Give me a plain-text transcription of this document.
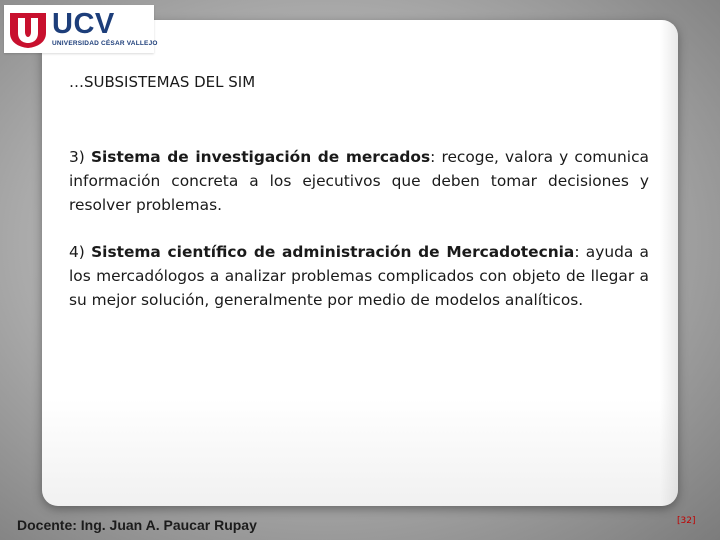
UCV
UNIVERSIDAD CÉSAR VALLEJO
…SUBSISTEMAS DEL SIM

3) Sistema de investigación de mercados: recoge, valora y comunica información concreta a los ejecutivos que deben tomar decisiones y resolver problemas.

4) Sistema científico de administración de Mercadotecnia: ayuda a los mercadólogos a analizar problemas complicados con objeto de llegar a su mejor solución, generalmente por medio de modelos analíticos.

Docente: Ing. Juan A. Paucar Rupay	[32]
